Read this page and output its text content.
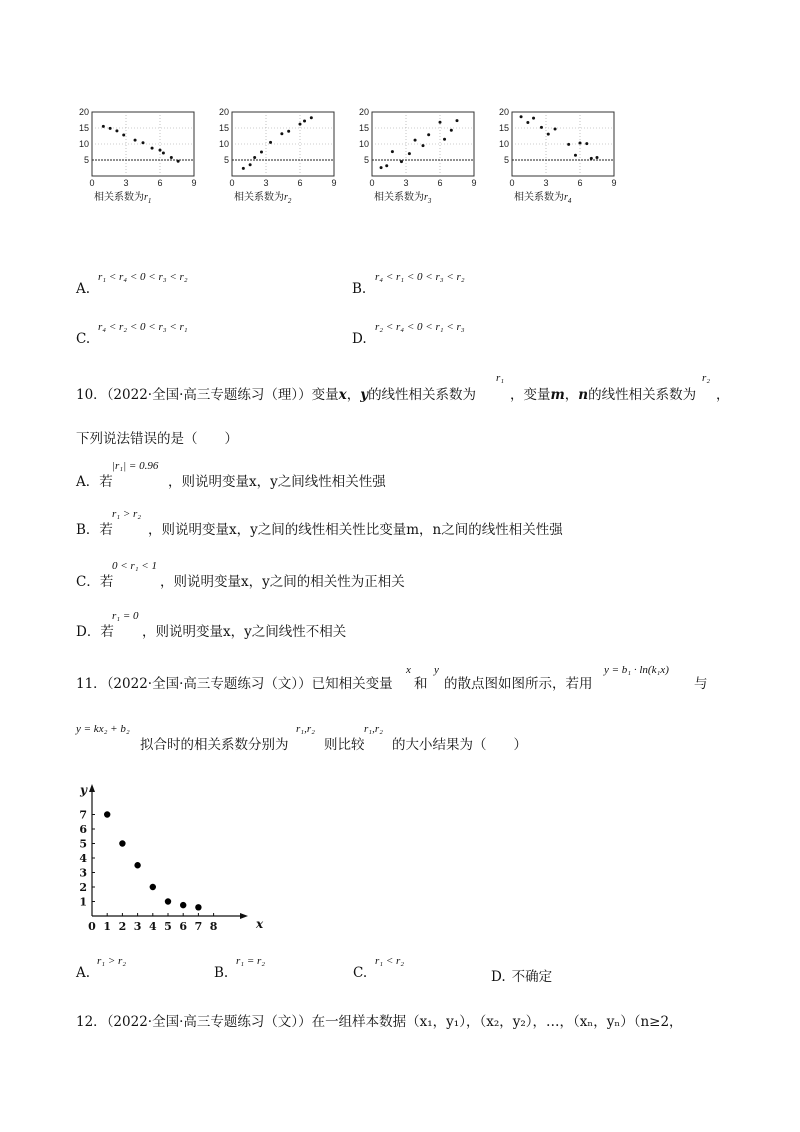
20
15
10
5
0	3	6	9
相关系数为$r_1$
20
15
10
5
0	3	6	9
相关系数为$r_2$
20
15
10
5
0	3	6	9
相关系数为$r_3$
20
15
10
5
0	3	6	9
相关系数为$r_4$
A.
r₁ < r₄ < 0 < r₃ < r₂
B.
r₄ < r₁ < 0 < r₃ < r₂
C.
r₄ < r₂ < 0 < r₃ < r₁
D.
r₂ < r₄ < 0 < r₁ < r₃
10．（2022·全国·高三专题练习（理））变量x，y的线性相关系数为
r₁
，变量m，n的线性相关系数为
r₂
，
下列说法错误的是（　　）
A．若
|r₁| = 0.96
，则说明变量x，y之间线性相关性强
B．若
r₁ > r₂
，则说明变量x，y之间的线性相关性比变量m，n之间的线性相关性强
C．若
0 < r₁ < 1
，则说明变量x，y之间的相关性为正相关
D．若
r₁ = 0
，则说明变量x，y之间线性不相关
11．（2022·全国·高三专题练习（文））已知相关变量
x
和
y
的散点图如图所示，若用
y = b₁ · ln(k₁x)
与
y = kx₂ + b₂
拟合时的相关系数分别为
r₁,r₂
则比较
r₁,r₂
的大小结果为（　　）
0 1 2 3 4 5 6 7 8
1
2
3
4
5
6
7
x
y
A.
r₁ > r₂
B.
r₁ = r₂
C.
r₁ < r₂
D. 不确定
12．（2022·全国·高三专题练习（文））在一组样本数据（x₁，y₁），（x₂，y₂），…，（xₙ，yₙ）（n≥2，
